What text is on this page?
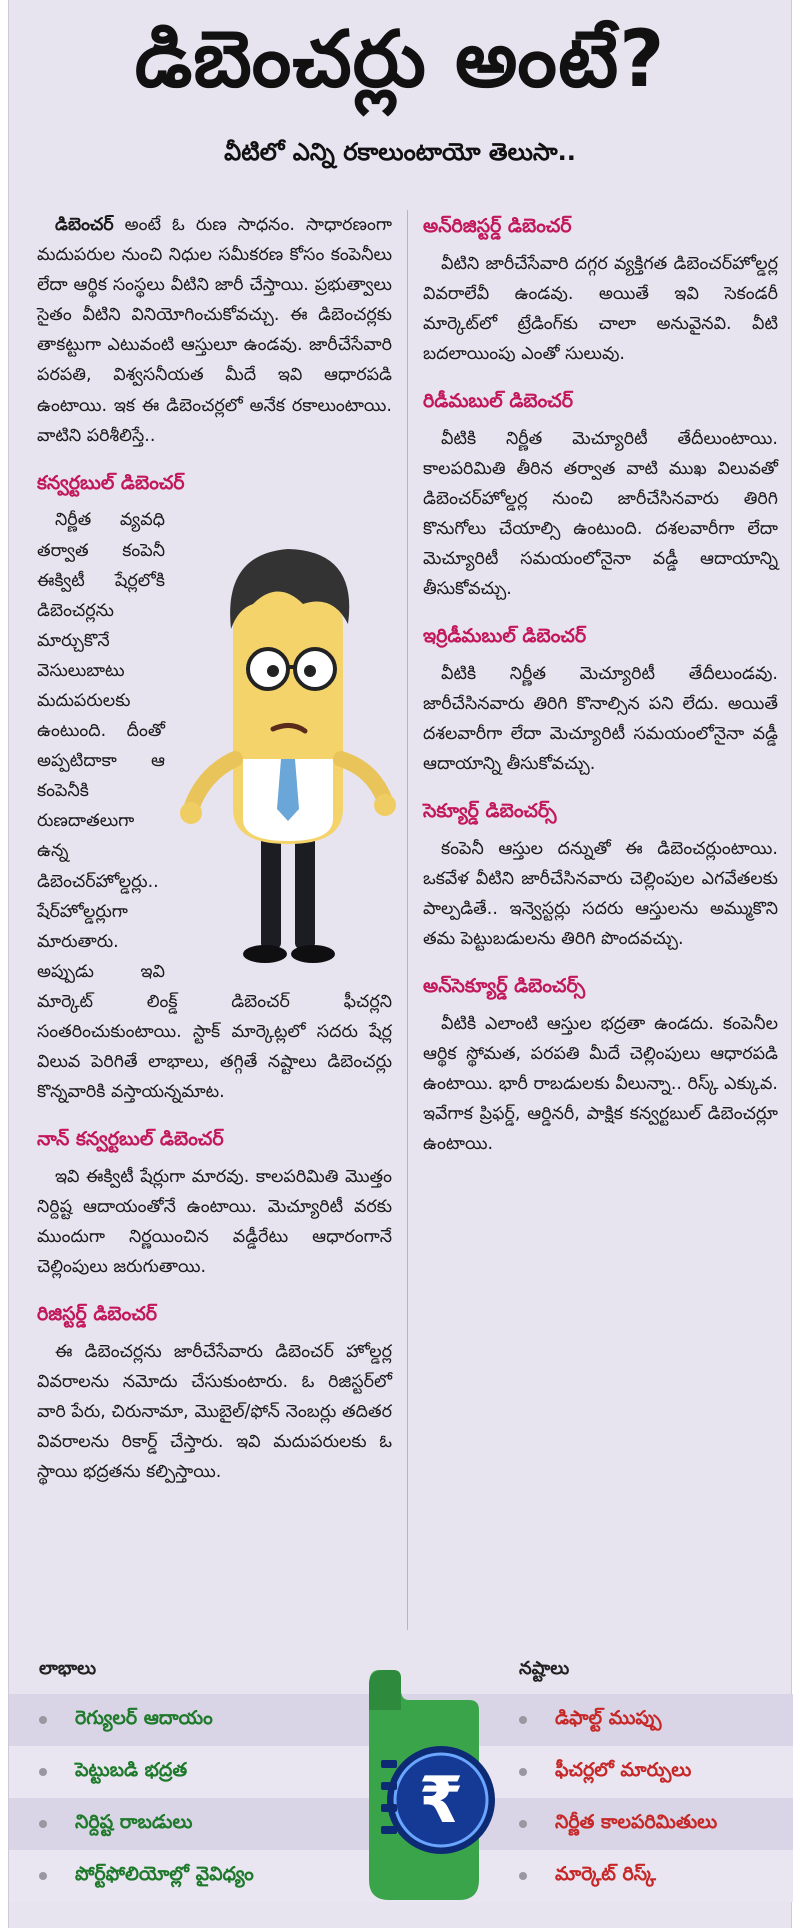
డిబెంచర్లు అంటే?
వీటిలో ఎన్ని రకాలుంటాయో తెలుసా..

డిబెంచర్ అంటే ఓ రుణ సాధనం. సాధారణంగా మదుపరుల నుంచి నిధుల సమీకరణ కోసం కంపెనీలు లేదా ఆర్థిక సంస్థలు వీటిని జారీ చేస్తాయి. ప్రభుత్వాలు సైతం వీటిని వినియోగించుకోవచ్చు. ఈ డిబెంచర్లకు తాకట్టుగా ఎటువంటి ఆస్తులూ ఉండవు. జారీచేసేవారి పరపతి, విశ్వసనీయత మీదే ఇవి ఆధారపడి ఉంటాయి. ఇక ఈ డిబెంచర్లలో అనేక రకాలుంటాయి. వాటిని పరిశీలిస్తే..

కన్వర్టబుల్ డిబెంచర్

నిర్ణీత వ్యవధి తర్వాత కంపెనీ ఈక్విటీ షేర్లలోకి డిబెంచర్లను మార్చుకొనే వెసులుబాటు మదుపరులకు ఉంటుంది. దీంతో అప్పటిదాకా ఆ కంపెనీకి రుణదాతలుగా ఉన్న డిబెంచర్‌హోల్డర్లు.. షేర్‌హోల్డర్లుగా మారుతారు. అప్పుడు ఇవి మార్కెట్ లింక్డ్ డిబెంచర్ ఫీచర్లని సంతరించుకుంటాయి. స్టాక్ మార్కెట్లలో సదరు షేర్ల విలువ పెరిగితే లాభాలు, తగ్గితే నష్టాలు డిబెంచర్లు కొన్నవారికి వస్తాయన్నమాట.

నాన్ కన్వర్టబుల్ డిబెంచర్

ఇవి ఈక్విటీ షేర్లుగా మారవు. కాలపరిమితి మొత్తం నిర్దిష్ట ఆదాయంతోనే ఉంటాయి. మెచ్యూరిటీ వరకు ముందుగా నిర్ణయించిన వడ్డీరేటు ఆధారంగానే చెల్లింపులు జరుగుతాయి.

రిజిస్టర్డ్ డిబెంచర్

ఈ డిబెంచర్లను జారీచేసేవారు డిబెంచర్ హోల్డర్ల వివరాలను నమోదు చేసుకుంటారు. ఓ రిజిస్టర్‌లో వారి పేరు, చిరునామా, మొబైల్/ఫోన్ నెంబర్లు తదితర వివరాలను రికార్డ్ చేస్తారు. ఇవి మదుపరులకు ఓ స్థాయి భద్రతను కల్పిస్తాయి.

అన్‌రిజిస్టర్డ్ డిబెంచర్

వీటిని జారీచేసేవారి దగ్గర వ్యక్తిగత డిబెంచర్‌హోల్డర్ల వివరాలేవీ ఉండవు. అయితే ఇవి సెకండరీ మార్కెట్‌లో ట్రేడింగ్‌కు చాలా అనువైనవి. వీటి బదలాయింపు ఎంతో సులువు.

రిడీమబుల్ డిబెంచర్

వీటికి నిర్ణీత మెచ్యూరిటీ తేదీలుంటాయి. కాలపరిమితి తీరిన తర్వాత వాటి ముఖ విలువతో డిబెంచర్‌హోల్డర్ల నుంచి జారీచేసినవారు తిరిగి కొనుగోలు చేయాల్సి ఉంటుంది. దశలవారీగా లేదా మెచ్యూరిటీ సమయంలోనైనా వడ్డీ ఆదాయాన్ని తీసుకోవచ్చు.

ఇర్రిడీమబుల్ డిబెంచర్

వీటికి నిర్ణీత మెచ్యూరిటీ తేదీలుండవు. జారీచేసినవారు తిరిగి కొనాల్సిన పని లేదు. అయితే దశలవారీగా లేదా మెచ్యూరిటీ సమయంలోనైనా వడ్డీ ఆదాయాన్ని తీసుకోవచ్చు.

సెక్యూర్డ్ డిబెంచర్స్

కంపెనీ ఆస్తుల దన్నుతో ఈ డిబెంచర్లుంటాయి. ఒకవేళ వీటిని జారీచేసినవారు చెల్లింపుల ఎగవేతలకు పాల్పడితే.. ఇన్వెస్టర్లు సదరు ఆస్తులను అమ్ముకొని తమ పెట్టుబడులను తిరిగి పొందవచ్చు.

అన్‌సెక్యూర్డ్ డిబెంచర్స్

వీటికి ఎలాంటి ఆస్తుల భద్రతా ఉండదు. కంపెనీల ఆర్థిక స్థోమత, పరపతి మీదే చెల్లింపులు ఆధారపడి ఉంటాయి. భారీ రాబడులకు వీలున్నా.. రిస్క్ ఎక్కువ. ఇవేగాక ప్రిఫర్డ్, ఆర్డినరీ, పాక్షిక కన్వర్టబుల్ డిబెంచర్లూ ఉంటాయి.

లాభాలు	నష్టాలు
రెగ్యులర్ ఆదాయం	డిఫాల్ట్ ముప్పు
పెట్టుబడి భద్రత	ఫీచర్లలో మార్పులు
నిర్దిష్ట రాబడులు	నిర్ణీత కాలపరిమితులు
పోర్ట్‌ఫోలియోల్లో వైవిధ్యం	మార్కెట్ రిస్క్
₹
